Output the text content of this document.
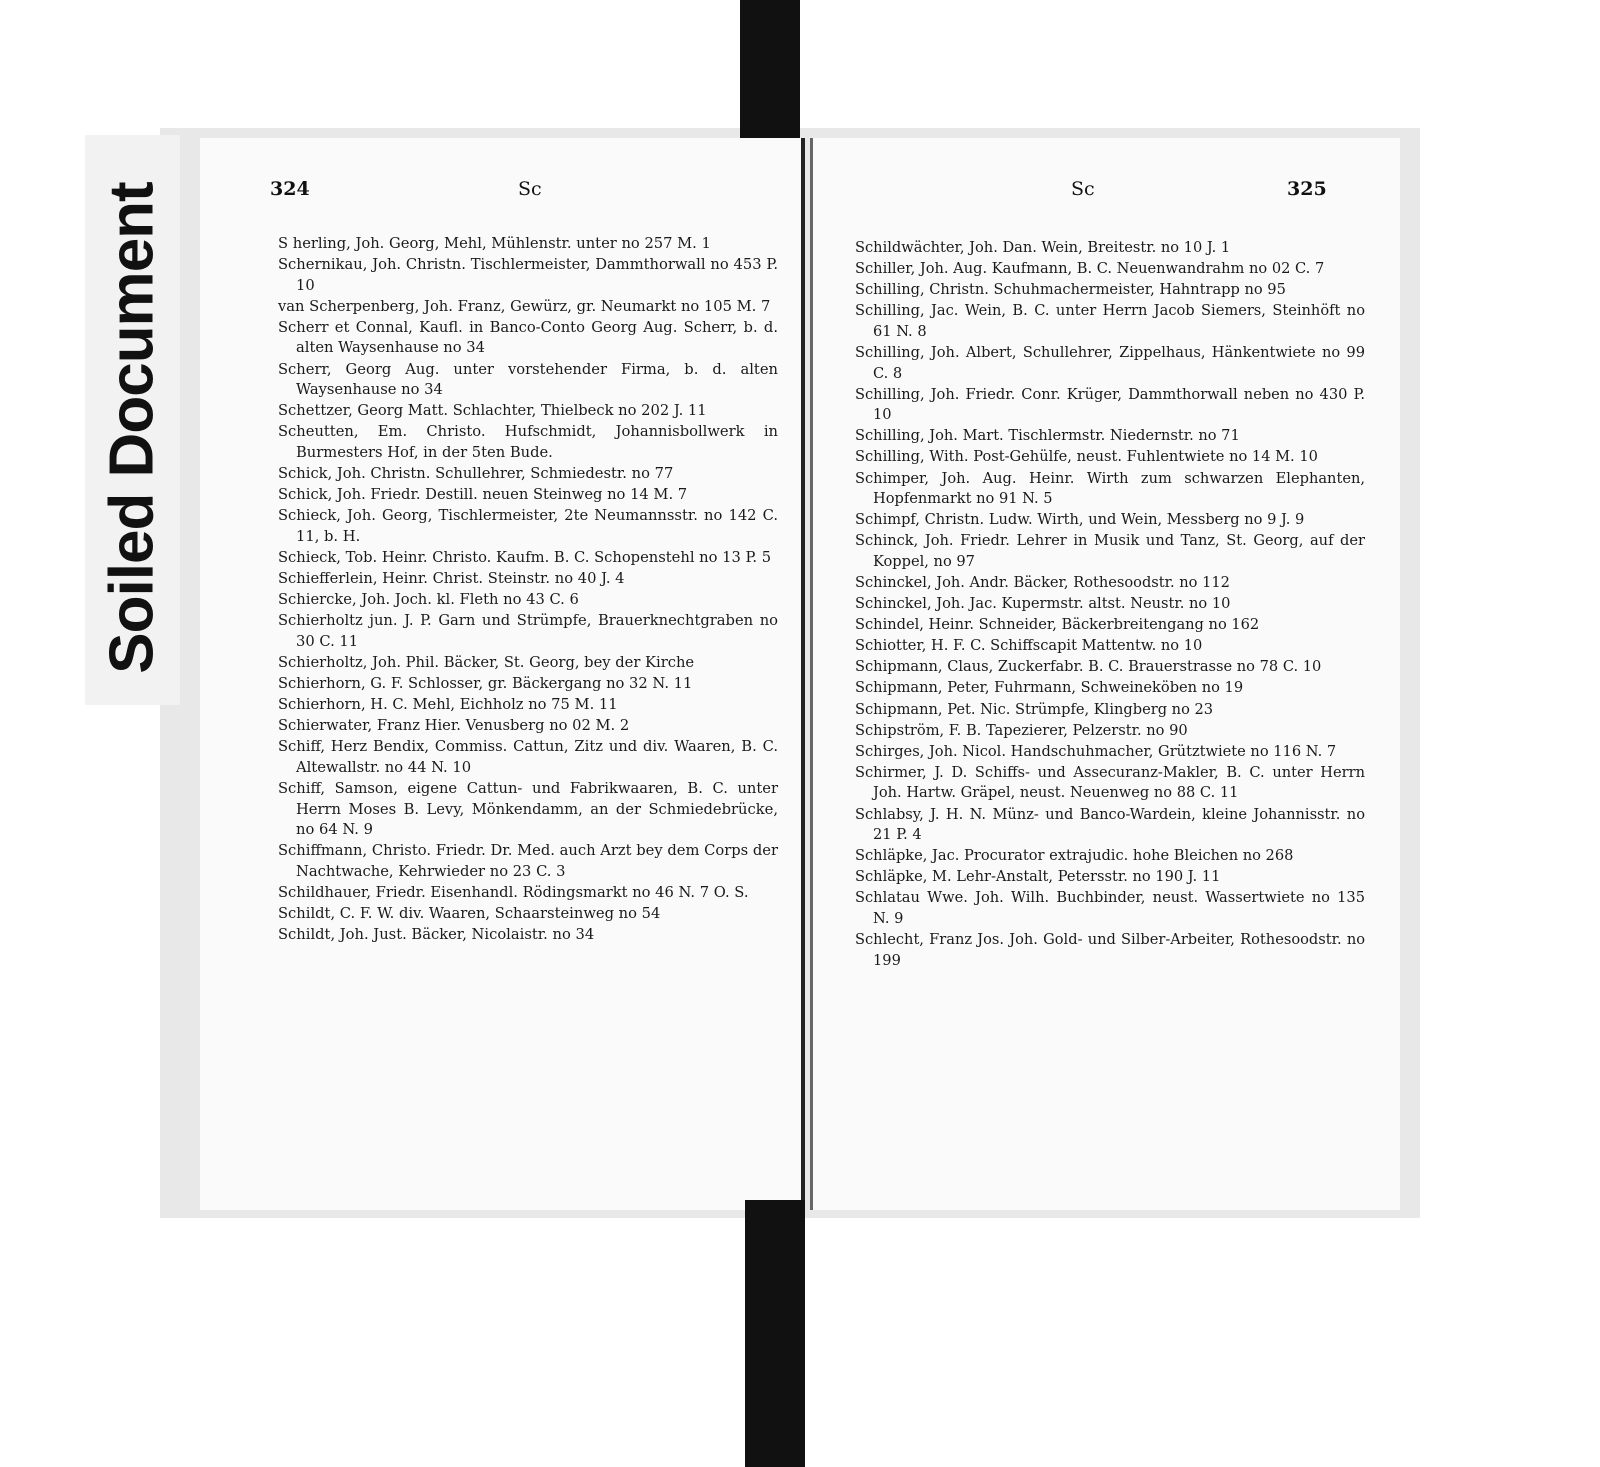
Soiled Document	324	Sc
S herling, Joh. Georg, Mehl, Mühlenstr. unter no 257 M. 1
Schernikau, Joh. Christn. Tischlermeister, Dammthorwall no 453 P. 10
van Scherpenberg, Joh. Franz, Gewürz, gr. Neumarkt no 105 M. 7
Scherr et Connal, Kaufl. in Banco-Conto Georg Aug. Scherr, b. d. alten Waysenhause no 34
Scherr, Georg Aug. unter vorstehender Firma, b. d. alten Waysenhause no 34
Schettzer, Georg Matt. Schlachter, Thielbeck no 202 J. 11
Scheutten, Em. Christo. Hufschmidt, Johannisbollwerk in Burmesters Hof, in der 5ten Bude.
Schick, Joh. Christn. Schullehrer, Schmiedestr. no 77
Schick, Joh. Friedr. Destill. neuen Steinweg no 14 M. 7
Schieck, Joh. Georg, Tischlermeister, 2te Neumannsstr. no 142 C. 11, b. H.
Schieck, Tob. Heinr. Christo. Kaufm. B. C. Schopenstehl no 13 P. 5
Schiefferlein, Heinr. Christ. Steinstr. no 40 J. 4
Schiercke, Joh. Joch. kl. Fleth no 43 C. 6
Schierholtz jun. J. P. Garn und Strümpfe, Brauerknechtgraben no 30 C. 11
Schierholtz, Joh. Phil. Bäcker, St. Georg, bey der Kirche
Schierhorn, G. F. Schlosser, gr. Bäckergang no 32 N. 11
Schierhorn, H. C. Mehl, Eichholz no 75 M. 11
Schierwater, Franz Hier. Venusberg no 02 M. 2
Schiff, Herz Bendix, Commiss. Cattun, Zitz und div. Waaren, B. C. Altewallstr. no 44 N. 10
Schiff, Samson, eigene Cattun- und Fabrikwaaren, B. C. unter Herrn Moses B. Levy, Mönkendamm, an der Schmiedebrücke, no 64 N. 9
Schiffmann, Christo. Friedr. Dr. Med. auch Arzt bey dem Corps der Nachtwache, Kehrwieder no 23 C. 3
Schildhauer, Friedr. Eisenhandl. Rödingsmarkt no 46 N. 7 O. S.
Schildt, C. F. W. div. Waaren, Schaarsteinweg no 54
Schildt, Joh. Just. Bäcker, Nicolaistr. no 34
Sc	325
Schildwächter, Joh. Dan. Wein, Breitestr. no 10 J. 1
Schiller, Joh. Aug. Kaufmann, B. C. Neuenwandrahm no 02 C. 7
Schilling, Christn. Schuhmachermeister, Hahntrapp no 95
Schilling, Jac. Wein, B. C. unter Herrn Jacob Siemers, Steinhöft no 61 N. 8
Schilling, Joh. Albert, Schullehrer, Zippelhaus, Hänkentwiete no 99 C. 8
Schilling, Joh. Friedr. Conr. Krüger, Dammthorwall neben no 430 P. 10
Schilling, Joh. Mart. Tischlermstr. Niedernstr. no 71
Schilling, With. Post-Gehülfe, neust. Fuhlentwiete no 14 M. 10
Schimper, Joh. Aug. Heinr. Wirth zum schwarzen Elephanten, Hopfenmarkt no 91 N. 5
Schimpf, Christn. Ludw. Wirth, und Wein, Messberg no 9 J. 9
Schinck, Joh. Friedr. Lehrer in Musik und Tanz, St. Georg, auf der Koppel, no 97
Schinckel, Joh. Andr. Bäcker, Rothesoodstr. no 112
Schinckel, Joh. Jac. Kupermstr. altst. Neustr. no 10
Schindel, Heinr. Schneider, Bäckerbreitengang no 162
Schiotter, H. F. C. Schiffscapit Mattentw. no 10
Schipmann, Claus, Zuckerfabr. B. C. Brauerstrasse no 78 C. 10
Schipmann, Peter, Fuhrmann, Schweineköben no 19
Schipmann, Pet. Nic. Strümpfe, Klingberg no 23
Schipström, F. B. Tapezierer, Pelzerstr. no 90
Schirges, Joh. Nicol. Handschuhmacher, Grütztwiete no 116 N. 7
Schirmer, J. D. Schiffs- und Assecuranz-Makler, B. C. unter Herrn Joh. Hartw. Gräpel, neust. Neuenweg no 88 C. 11
Schlabsy, J. H. N. Münz- und Banco-Wardein, kleine Johannisstr. no 21 P. 4
Schläpke, Jac. Procurator extrajudic. hohe Bleichen no 268
Schläpke, M. Lehr-Anstalt, Petersstr. no 190 J. 11
Schlatau Wwe. Joh. Wilh. Buchbinder, neust. Wassertwiete no 135 N. 9
Schlecht, Franz Jos. Joh. Gold- und Silber-Arbeiter, Rothesoodstr. no 199
